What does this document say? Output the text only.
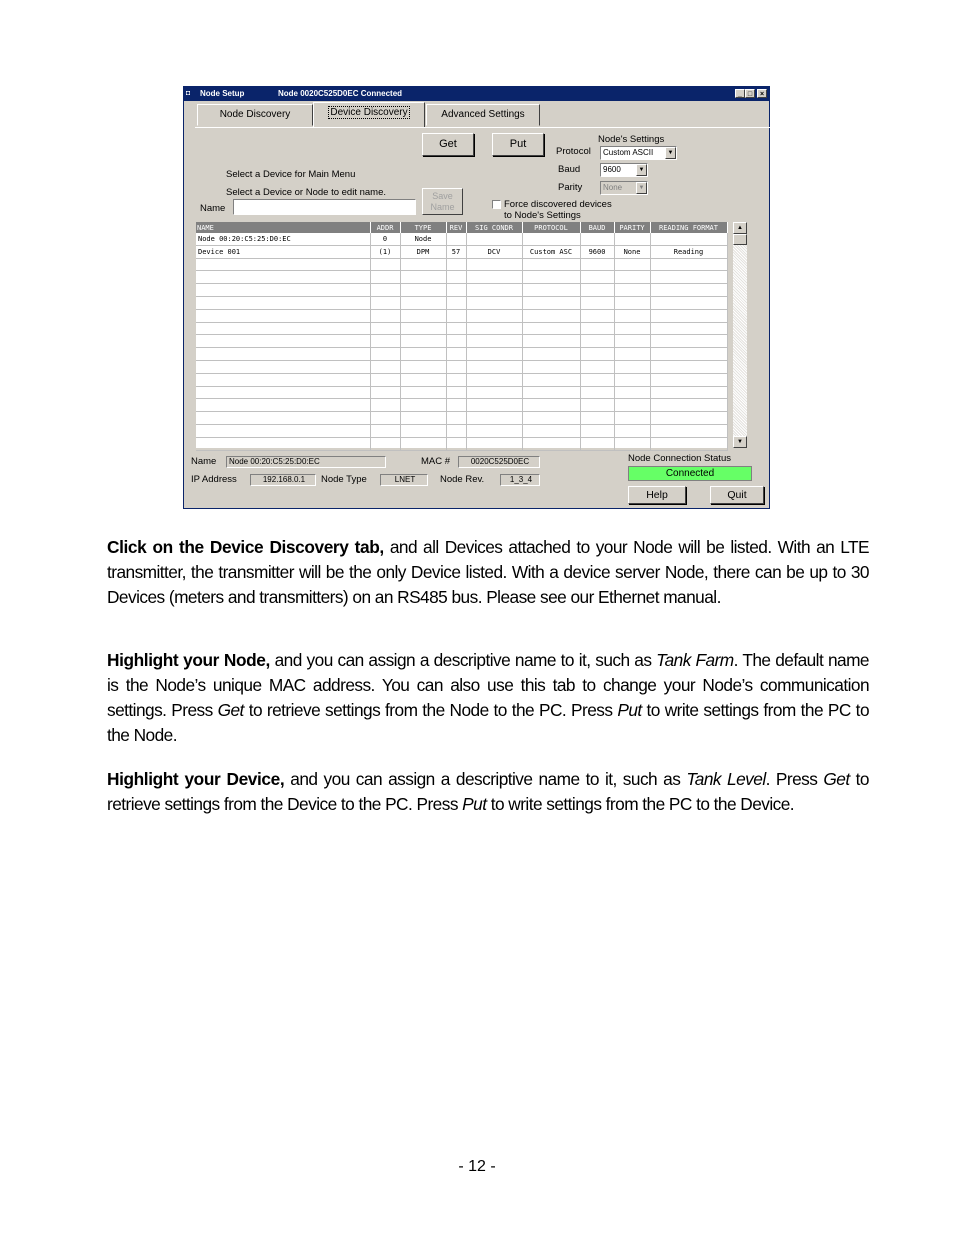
◘	Node Setup	Node 0020C525D0EC Connected	_ □	×
Node Discovery	Device Discovery	Advanced Settings
Get	Put	Node's Settings
Protocol	Custom ASCII	▼
Baud	9600	▼
Parity	None	▼
Select a Device for Main Menu
Select a Device or Node to edit name.
Name
Save Name	Force discovered devices
to Node's Settings
NAME	ADDR	TYPE	REV	SIG CONDR	PROTOCOL	BAUD	PARITY	READING FORMAT
Node 00:20:C5:25:D0:EC	0	Node						
Device 001	(1)	DPM	57	DCV	Custom ASC	9600	None	Reading

▲
▼
Name	Node 00:20:C5:25:D0:EC	MAC #	0020C525D0EC
IP Address	192.168.0.1	Node Type	LNET	Node Rev.	1_3_4
Node Connection Status
Connected
Help	Quit
Click on the Device Discovery tab, and all Devices attached to your Node will be listed. With an LTE transmitter, the transmitter will be the only Device listed. With a device server Node, there can be up to 30 Devices (meters and transmitters) on an RS485 bus. Please see our Ethernet manual.
Highlight your Node, and you can assign a descriptive name to it, such as Tank Farm. The default name is the Node’s unique MAC address. You can also use this tab to change your Node’s communication settings. Press Get to retrieve settings from the Node to the PC. Press Put to write settings from the PC to the Node.
Highlight your Device, and you can assign a descriptive name to it, such as Tank Level. Press Get to retrieve settings from the Device to the PC. Press Put to write settings from the PC to the Device.
- 12 -
